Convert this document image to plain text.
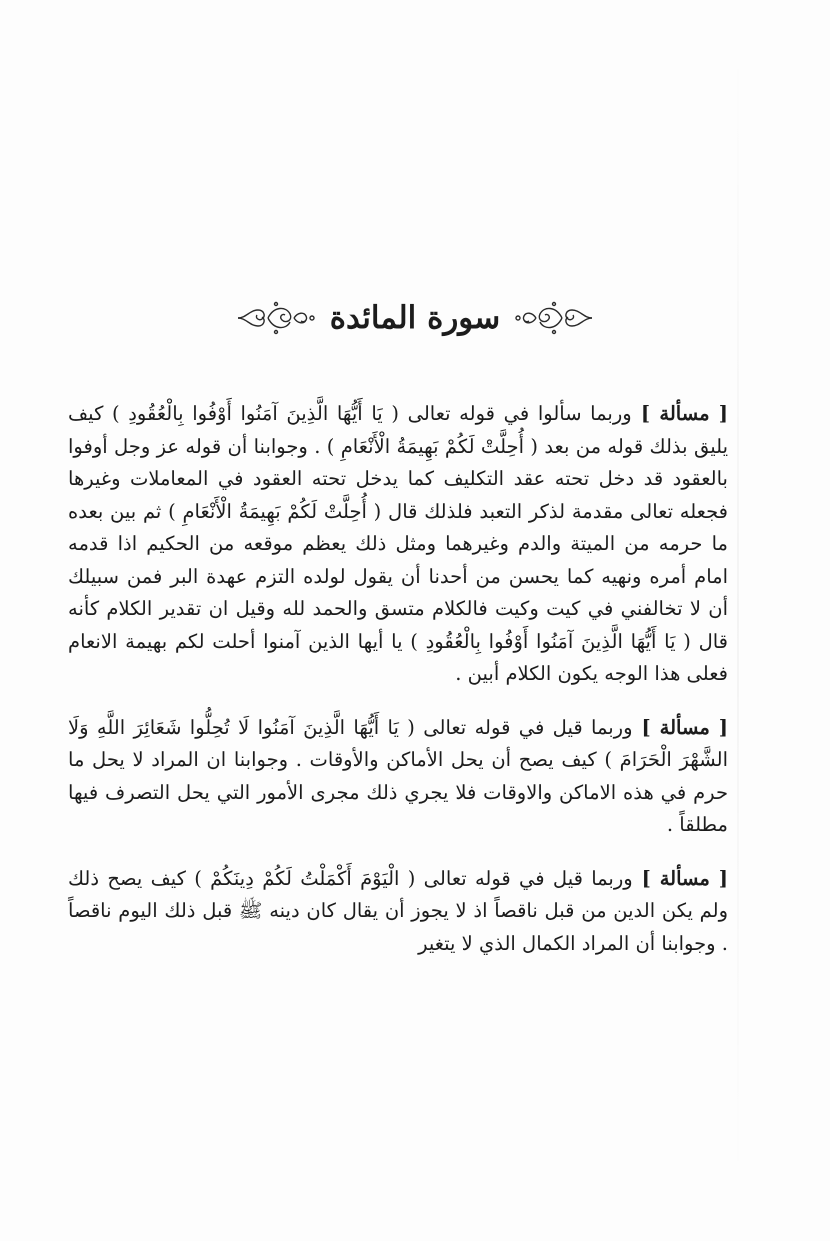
سورة المائدة

[ مسألة ] وربما سألوا في قوله تعالى ( يَا أَيُّهَا الَّذِينَ آمَنُوا أَوْفُوا بِالْعُقُودِ ) كيف يليق بذلك قوله من بعد ( أُحِلَّتْ لَكُمْ بَهِيمَةُ الْأَنْعَامِ ) . وجوابنا أن قوله عز وجل أوفوا بالعقود قد دخل تحته عقد التكليف كما يدخل تحته العقود في المعاملات وغيرها فجعله تعالى مقدمة لذكر التعبد فلذلك قال ( أُحِلَّتْ لَكُمْ بَهِيمَةُ الْأَنْعَامِ ) ثم بين بعده ما حرمه من الميتة والدم وغيرهما ومثل ذلك يعظم موقعه من الحكيم اذا قدمه امام أمره ونهيه كما يحسن من أحدنا أن يقول لولده التزم عهدة البر فمن سبيلك أن لا تخالفني في كيت وكيت فالكلام متسق والحمد لله وقيل ان تقدير الكلام كأنه قال ( يَا أَيُّهَا الَّذِينَ آمَنُوا أَوْفُوا بِالْعُقُودِ ) يا أيها الذين آمنوا أحلت لكم بهيمة الانعام فعلى هذا الوجه يكون الكلام أبين .

[ مسألة ] وربما قيل في قوله تعالى ( يَا أَيُّهَا الَّذِينَ آمَنُوا لَا تُحِلُّوا شَعَائِرَ اللَّهِ وَلَا الشَّهْرَ الْحَرَامَ ) كيف يصح أن يحل الأماكن والأوقات . وجوابنا ان المراد لا يحل ما حرم في هذه الاماكن والاوقات فلا يجري ذلك مجرى الأمور التي يحل التصرف فيها مطلقاً .

[ مسألة ] وربما قيل في قوله تعالى ( الْيَوْمَ أَكْمَلْتُ لَكُمْ دِينَكُمْ ) كيف يصح ذلك ولم يكن الدين من قبل ناقصاً اذ لا يجوز أن يقال كان دينه ﷺ قبل ذلك اليوم ناقصاً . وجوابنا أن المراد الكمال الذي لا يتغير
